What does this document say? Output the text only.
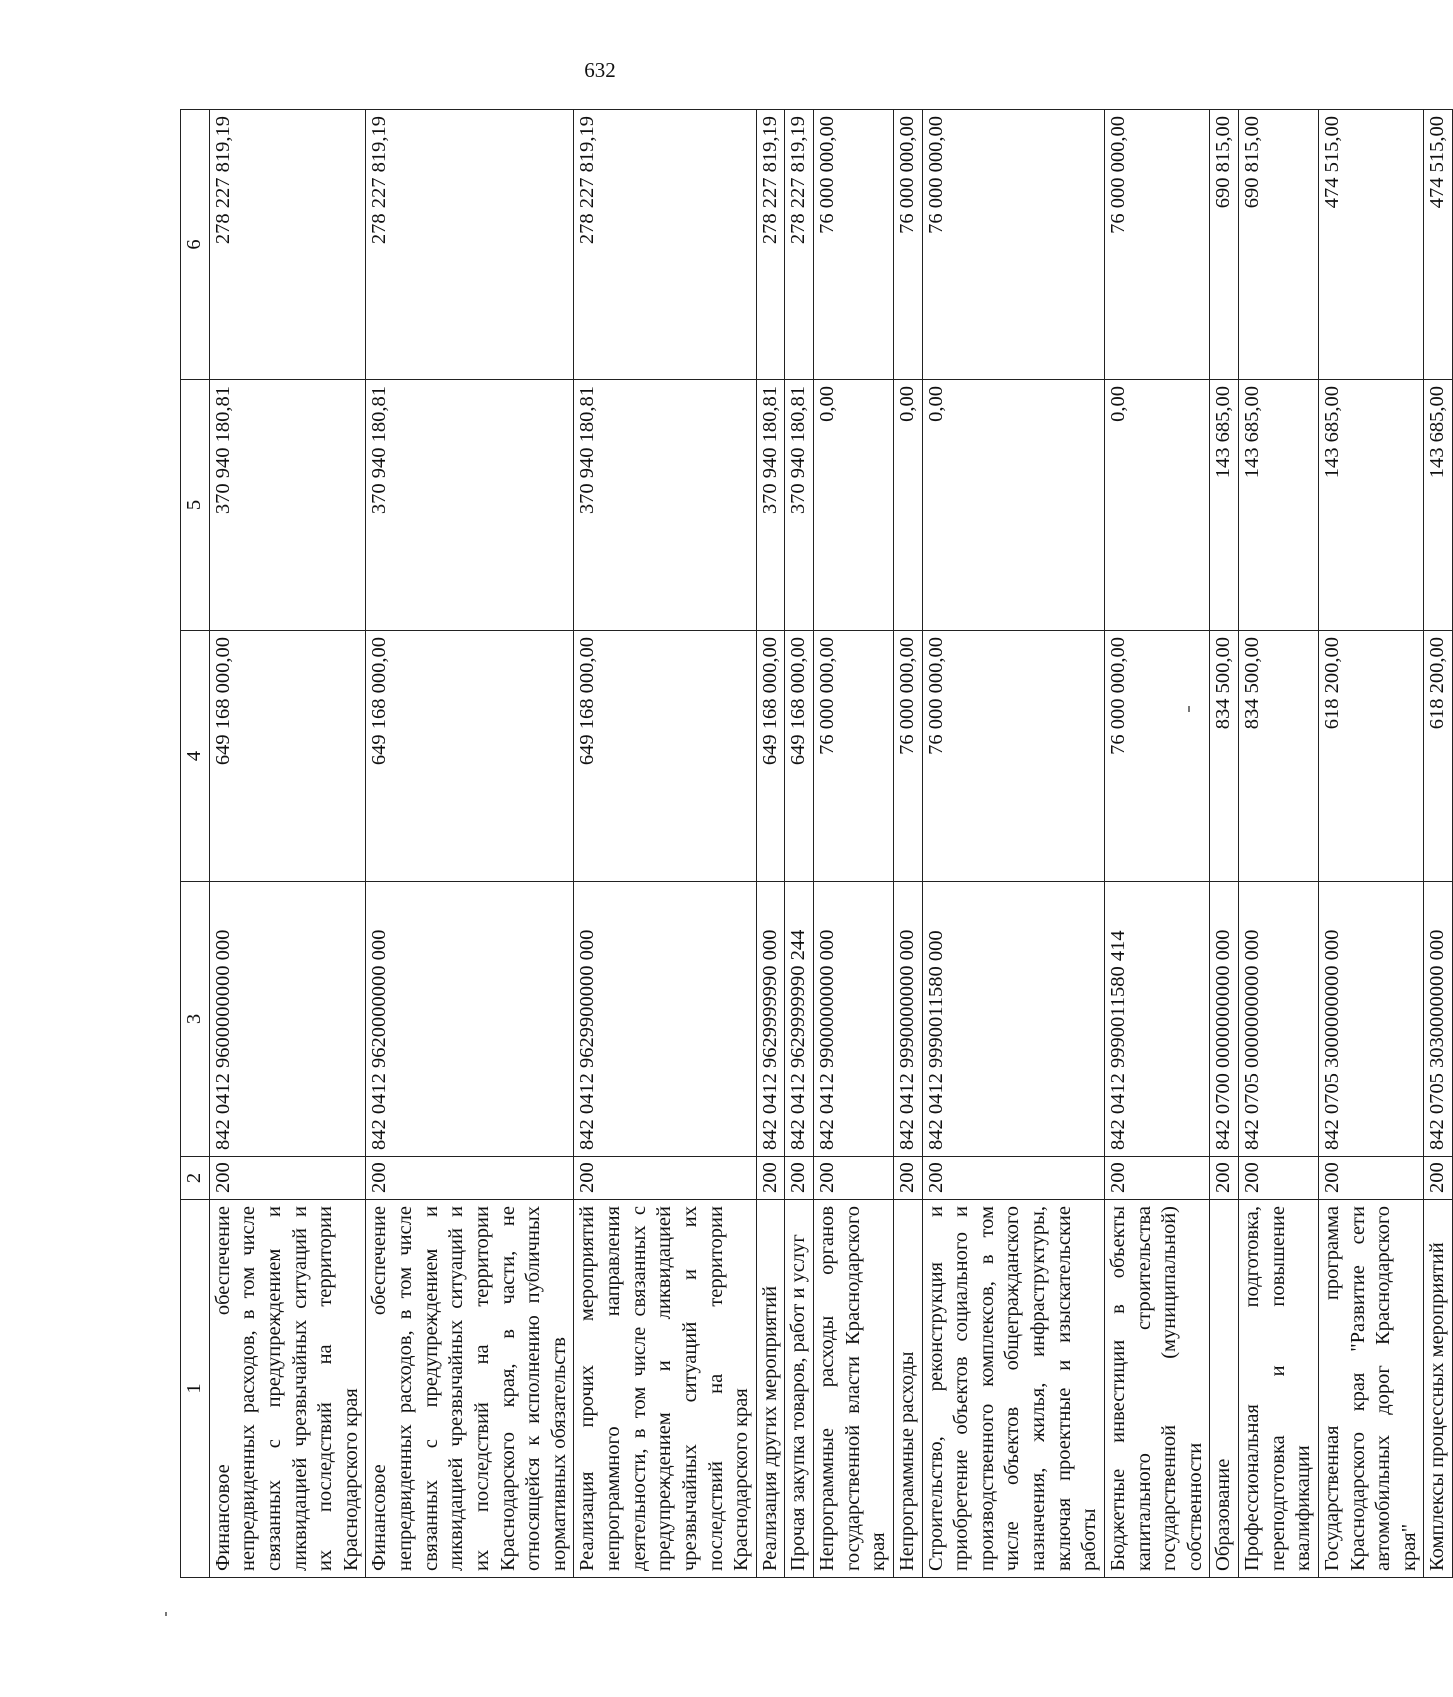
632
1	2	3	4	5	6
Финансовое обеспечение непредвиденных расходов, в том числе связанных с предупреждением и ликвидацией чрезвычайных ситуаций и их последствий на территории Краснодарского края	200	842 0412 9600000000 000	649 168 000,00	370 940 180,81	278 227 819,19
Финансовое обеспечение непредвиденных расходов, в том числе связанных с предупреждением и ликвидацией чрезвычайных ситуаций и их последствий на территории Краснодарского края, в части, не относящейся к исполнению публичных нормативных обязательств	200	842 0412 9620000000 000	649 168 000,00	370 940 180,81	278 227 819,19
Реализация прочих мероприятий непрограммного направления деятельности, в том числе связанных с предупреждением и ликвидацией чрезвычайных ситуаций и их последствий на территории Краснодарского края	200	842 0412 9629900000 000	649 168 000,00	370 940 180,81	278 227 819,19
Реализация других мероприятий	200	842 0412 9629999990 000	649 168 000,00	370 940 180,81	278 227 819,19
Прочая закупка товаров, работ и услуг	200	842 0412 9629999990 244	649 168 000,00	370 940 180,81	278 227 819,19
Непрограммные расходы органов государственной власти Краснодарского края	200	842 0412 9900000000 000	76 000 000,00	0,00	76 000 000,00
Непрограммные расходы	200	842 0412 9990000000 000	76 000 000,00	0,00	76 000 000,00
Строительство, реконструкция и приобретение объектов социального и производственного комплексов, в том числе объектов общегражданского назначения, жилья, инфраструктуры, включая проектные и изыскательские работы	200	842 0412 9990011580 000	76 000 000,00	0,00	76 000 000,00
Бюджетные инвестиции в объекты капитального строительства государственной (муниципальной) собственности	200	842 0412 9990011580 414	76 000 000,00	0,00	76 000 000,00
Образование	200	842 0700 0000000000 000	834 500,00	143 685,00	690 815,00
Профессиональная подготовка, переподготовка и повышение квалификации	200	842 0705 0000000000 000	834 500,00	143 685,00	690 815,00
Государственная программа Краснодарского края "Развитие сети автомобильных дорог Краснодарского края"	200	842 0705 3000000000 000	618 200,00	143 685,00	474 515,00
Комплексы процессных мероприятий	200	842 0705 3030000000 000	618 200,00	143 685,00	474 515,00
